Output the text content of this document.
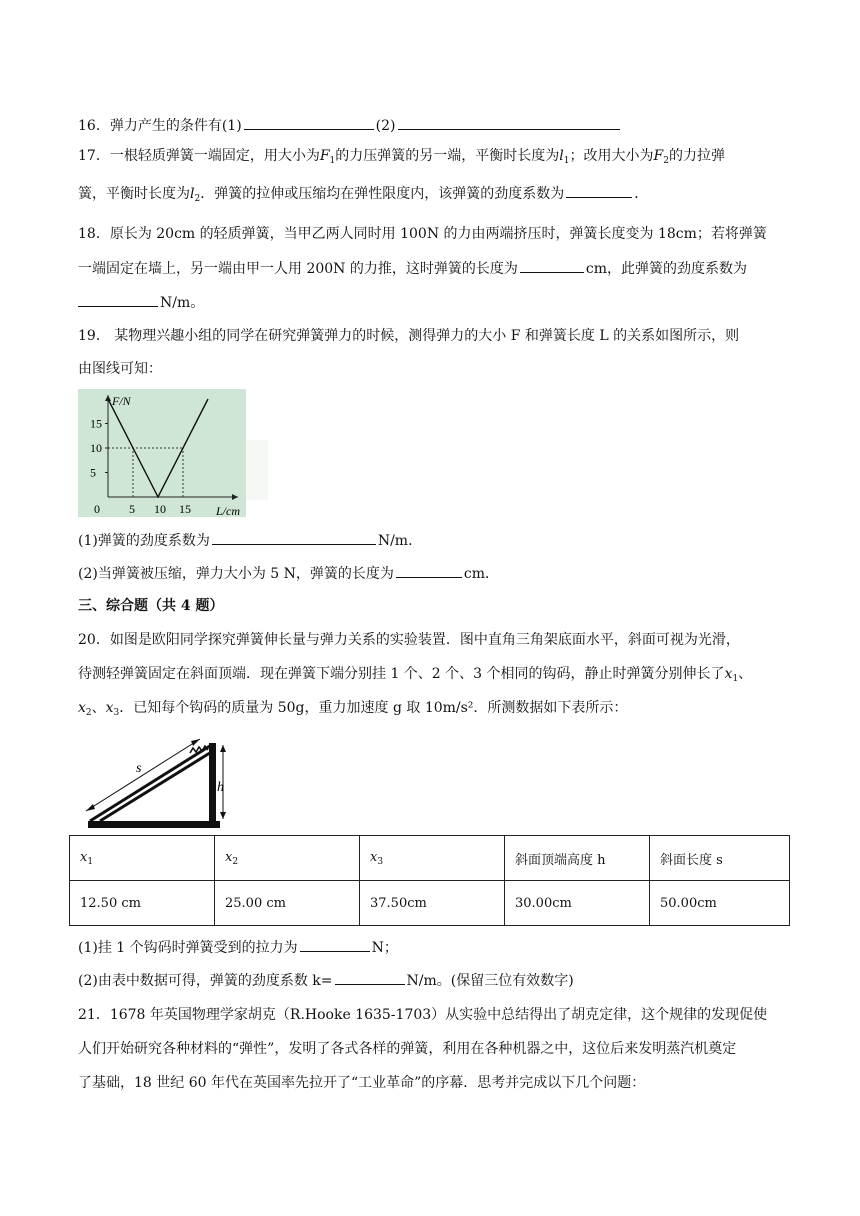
16．弹力产生的条件有(1)	(2)
17．一根轻质弹簧一端固定，用大小为$F_1$的力压弹簧的另一端，平衡时长度为$l_1$；改用大小为$F_2$的力拉弹
簧，平衡时长度为$l_2$．弹簧的拉伸或压缩均在弹性限度内，该弹簧的劲度系数为	．
18．原长为 20cm 的轻质弹簧，当甲乙两人同时用 100N 的力由两端挤压时，弹簧长度变为 18cm；若将弹簧
一端固定在墙上，另一端由甲一人用 200N 的力推，这时弹簧的长度为	cm，此弹簧的劲度系数为
N/m。
19． 某物理兴趣小组的同学在研究弹簧弹力的时候，测得弹力的大小 F 和弹簧长度 L 的关系如图所示，则
由图线可知：
F/N
L/cm
0 5 10 15
5
10
15
(1)弹簧的劲度系数为	N/m．
(2)当弹簧被压缩，弹力大小为 5 N，弹簧的长度为	cm．
三、综合题（共 4 题）
20．如图是欧阳同学探究弹簧伸长量与弹力关系的实验装置．图中直角三角架底面水平，斜面可视为光滑，
待测轻弹簧固定在斜面顶端．现在弹簧下端分别挂 1 个、2 个、3 个相同的钩码，静止时弹簧分别伸长了$x_1$、
$x_2$、$x_3$．已知每个钩码的质量为 50g，重力加速度 g 取 10m/s²．所测数据如下表所示：
s
h
$x_1$	$x_2$	$x_3$	斜面顶端高度 h	斜面长度 s
12.50 cm	25.00 cm	37.50cm	30.00cm	50.00cm
(1)挂 1 个钩码时弹簧受到的拉力为	N；
(2)由表中数据可得，弹簧的劲度系数 k=	N/m。(保留三位有效数字)
21．1678 年英国物理学家胡克（R.Hooke 1635-1703）从实验中总结得出了胡克定律，这个规律的发现促使
人们开始研究各种材料的“弹性”，发明了各式各样的弹簧，利用在各种机器之中，这位后来发明蒸汽机奠定
了基础，18 世纪 60 年代在英国率先拉开了“工业革命”的序幕．思考并完成以下几个问题：
